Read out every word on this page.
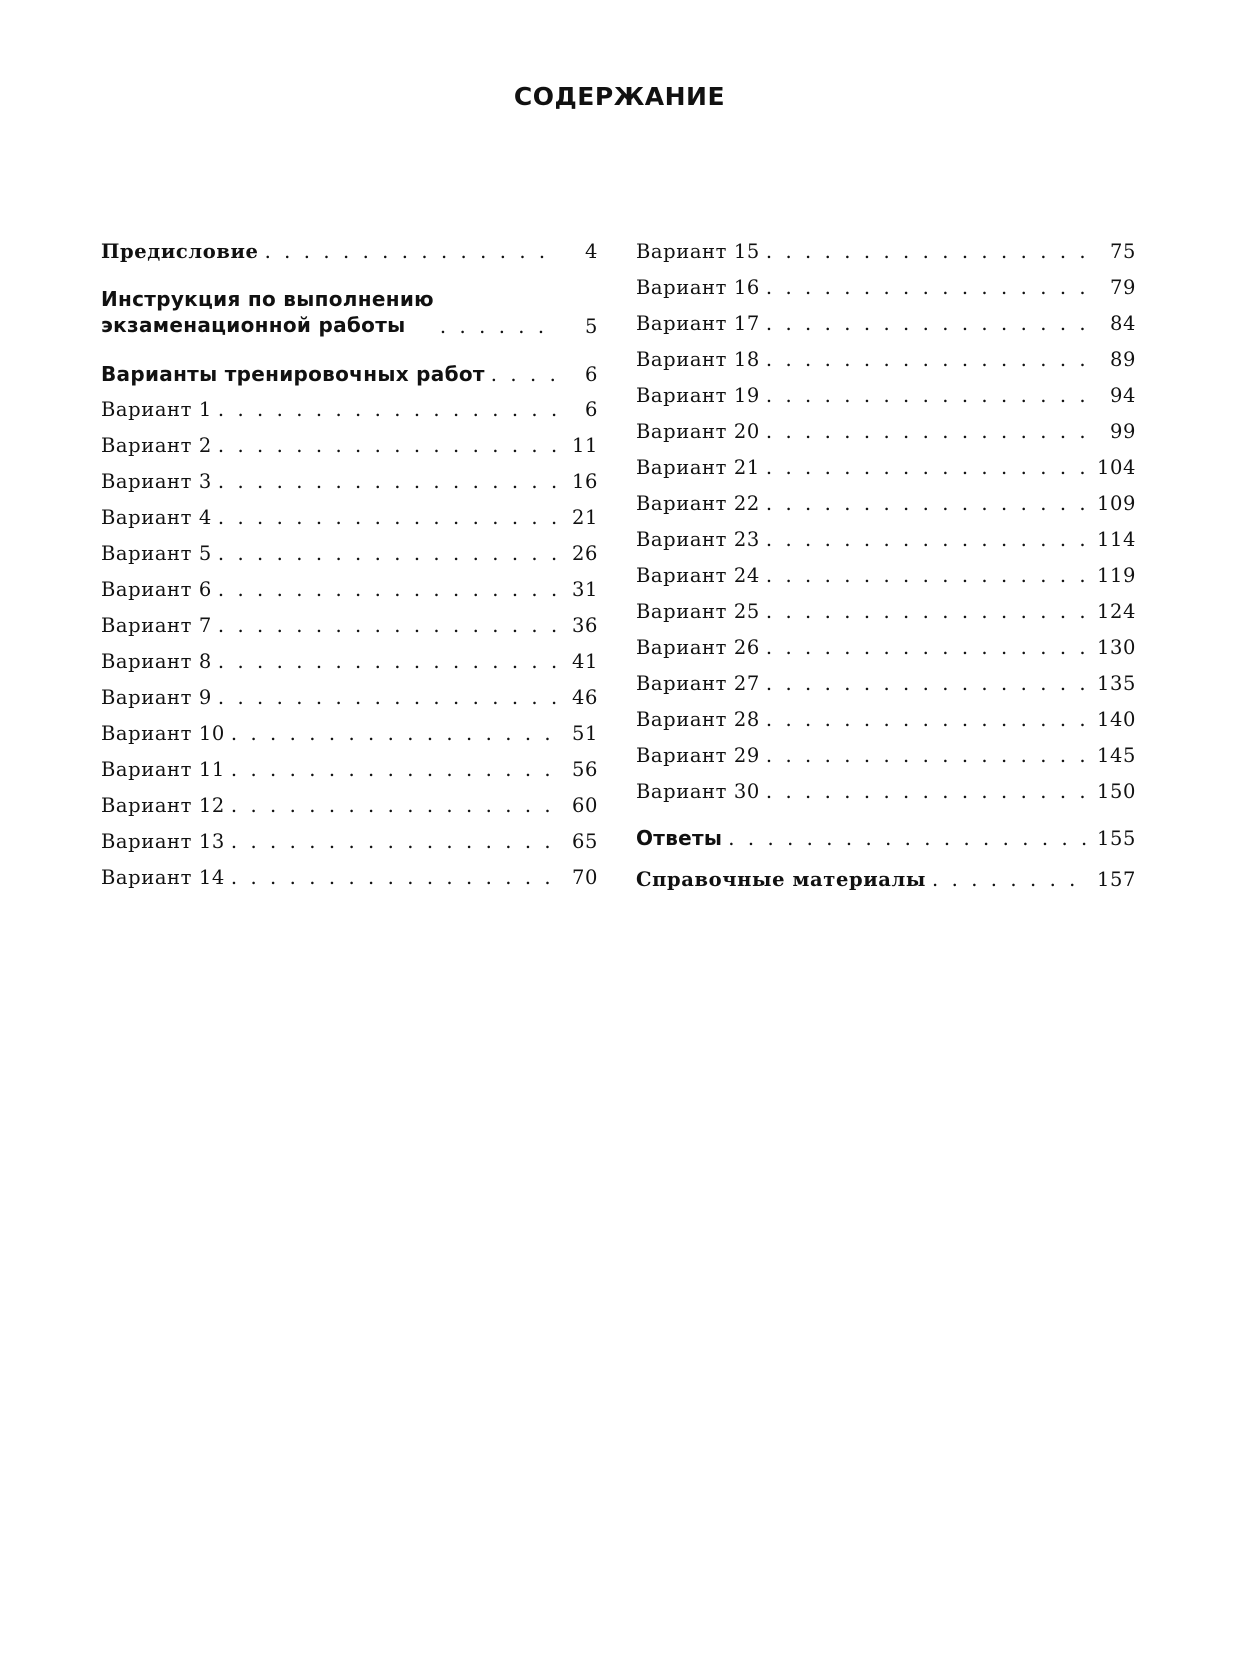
СОДЕРЖАНИЕ
Предисловие . . .	4
Инструкция по выполнению
экзаменационной работы . . .	5
Варианты тренировочных работ . . .	6
Вариант 1 . . .	6
Вариант 2 . . .	11
Вариант 3 . . .	16
Вариант 4 . . .	21
Вариант 5 . . .	26
Вариант 6 . . .	31
Вариант 7 . . .	36
Вариант 8 . . .	41
Вариант 9 . . .	46
Вариант 10 . . .	51
Вариант 11 . . .	56
Вариант 12 . . .	60
Вариант 13 . . .	65
Вариант 14 . . .	70
Вариант 15 . . .	75
Вариант 16 . . .	79
Вариант 17 . . .	84
Вариант 18 . . .	89
Вариант 19 . . .	94
Вариант 20 . . .	99
Вариант 21 . . .	104
Вариант 22 . . .	109
Вариант 23 . . .	114
Вариант 24 . . .	119
Вариант 25 . . .	124
Вариант 26 . . .	130
Вариант 27 . . .	135
Вариант 28 . . .	140
Вариант 29 . . .	145
Вариант 30 . . .	150
Ответы . . .	155
Справочные материалы . . .	157
